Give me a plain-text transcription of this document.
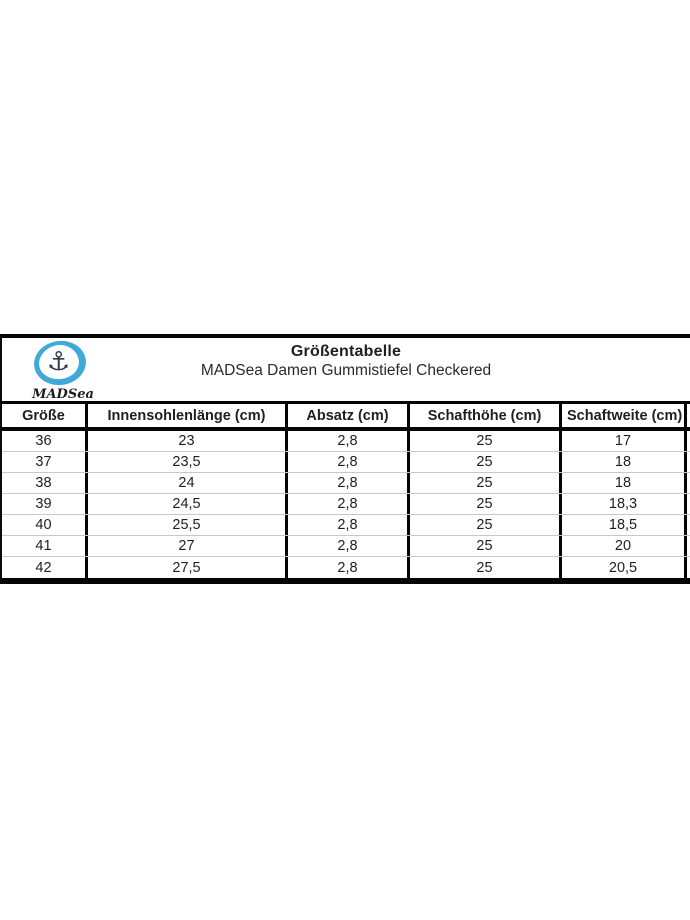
⚓
MADSea
Größentabelle
MADSea Damen Gummistiefel Checkered
Größe	Innensohlenlänge (cm)	Absatz (cm)	Schafthöhe (cm)	Schaftweite (cm)
36	23	2,8	25	17
37	23,5	2,8	25	18
38	24	2,8	25	18
39	24,5	2,8	25	18,3
40	25,5	2,8	25	18,5
41	27	2,8	25	20
42	27,5	2,8	25	20,5
